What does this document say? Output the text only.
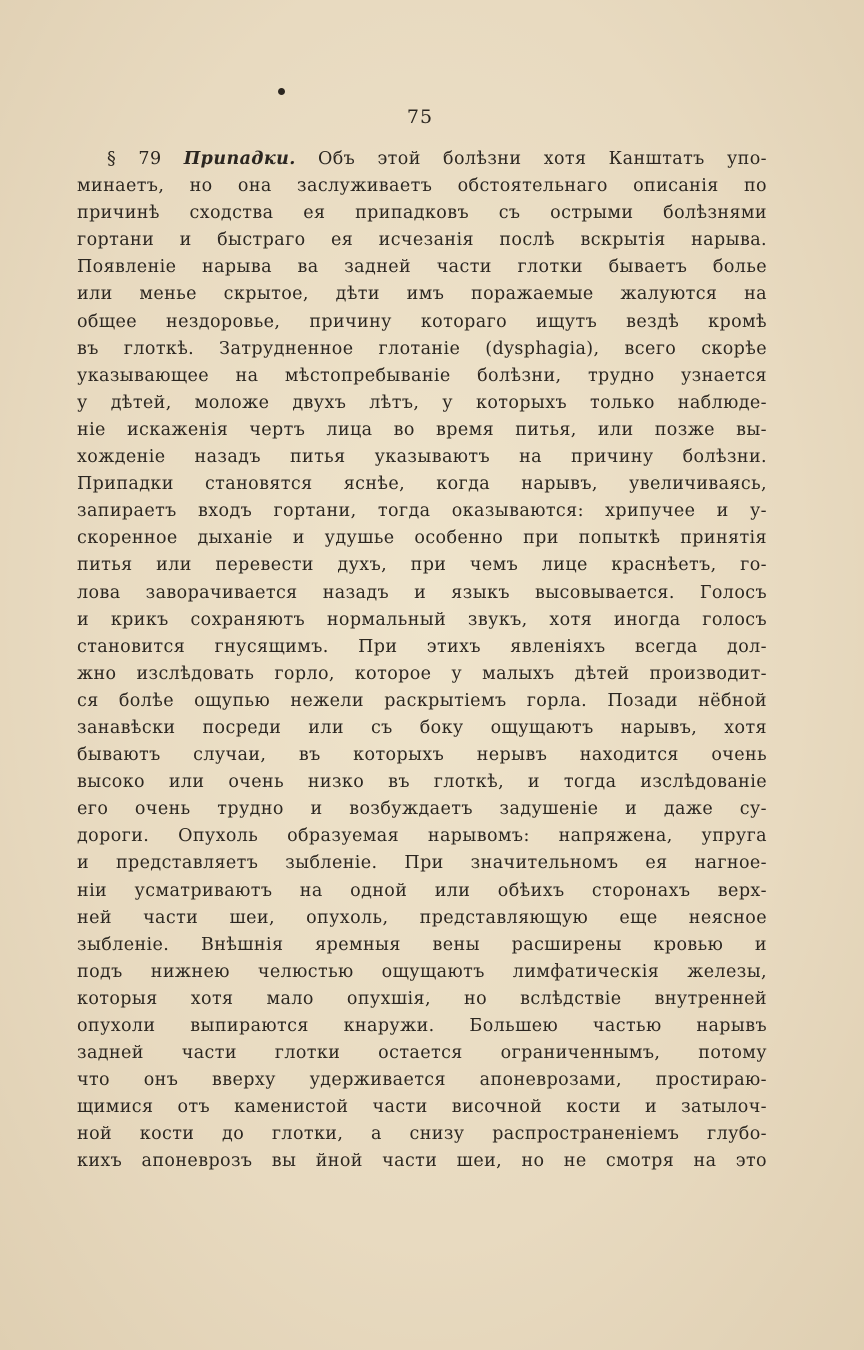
75
§ 79 Припадки. Объ этой болѣзни хотя Канштатъ упо-
минаетъ, но она заслуживаетъ обстоятельнаго описанія по
причинѣ сходства ея припадковъ съ острыми болѣзнями
гортани и быстраго ея исчезанія послѣ вскрытія нарыва.
Появленіе нарыва ва задней части глотки бываетъ болье
или менье скрытое, дѣти имъ поражаемые жалуются на
общее нездоровье, причину котораго ищутъ вездѣ кромѣ
въ глоткѣ. Затрудненное глотаніе (dysphagia), всего скорѣе
указывающее на мѣстопребываніе болѣзни, трудно узнается
у дѣтей, моложе двухъ лѣтъ, у которыхъ только наблюде-
ніе искаженія чертъ лица во время питья, или позже вы-
хожденіе назадъ питья указываютъ на причину болѣзни.
Припадки становятся яснѣе, когда нарывъ, увеличиваясь,
запираетъ входъ гортани, тогда оказываются: хрипучее и у-
скоренное дыханіе и удушье особенно при попыткѣ принятія
питья или перевести духъ, при чемъ лице краснѣетъ, го-
лова заворачивается назадъ и языкъ высовывается. Голосъ
и крикъ сохраняютъ нормальный звукъ, хотя иногда голосъ
становится гнусящимъ. При этихъ явленіяхъ всегда дол-
жно изслѣдовать горло, которое у малыхъ дѣтей производит-
ся болѣе ощупью нежели раскрытіемъ горла. Позади нёбной
занавѣски посреди или съ боку ощущаютъ нарывъ, хотя
бываютъ случаи, въ которыхъ нерывъ находится очень
высоко или очень низко въ глоткѣ, и тогда изслѣдованіе
его очень трудно и возбуждаетъ задушеніе и даже су-
дороги. Опухоль образуемая нарывомъ: напряжена, упруга
и представляетъ зыбленіе. При значительномъ ея нагное-
ніи усматриваютъ на одной или обѣихъ сторонахъ верх-
ней части шеи, опухоль, представляющую еще неясное
зыбленіе. Внѣшнія яремныя вены расширены кровью и
подъ нижнею челюстью ощущаютъ лимфатическія железы,
которыя хотя мало опухшія, но вслѣдствіе внутренней
опухоли выпираются кнаружи. Большею частью нарывъ
задней части глотки остается ограниченнымъ, потому
что онъ вверху удерживается апоневрозами, простираю-
щимися отъ каменистой части височной кости и затылоч-
ной кости до глотки, а снизу распространеніемъ глубо-
кихъ апоневрозъ вы йной части шеи, но не смотря на это
